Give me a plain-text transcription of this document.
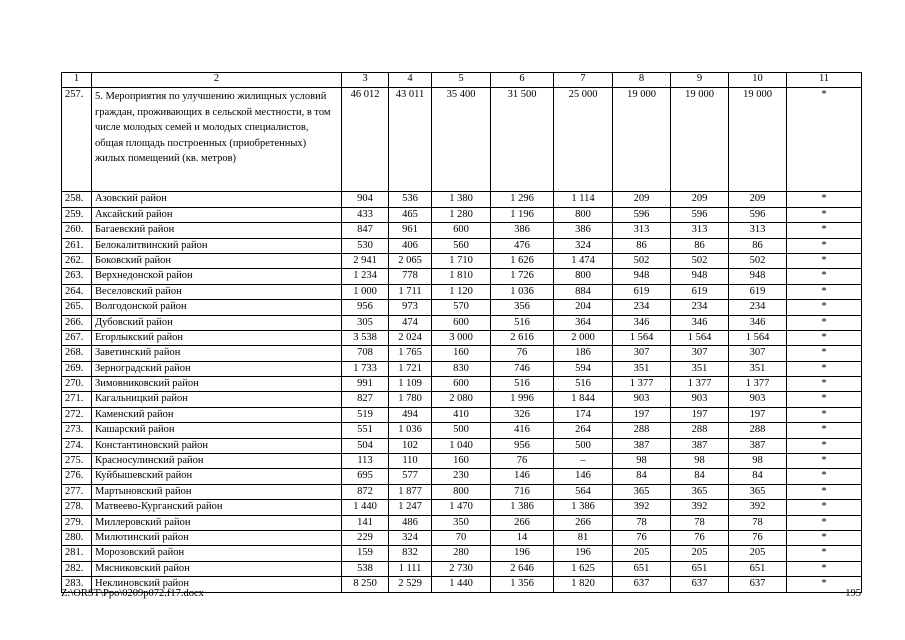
1	2	3	4	5	6	7	8	9	10	11
257.	5. Мероприятия по улучшению жилищных условий граждан, проживающих в сельской местности, в том числе молодых семей и молодых специалистов, общая площадь построенных (приобретенных) жилых помещений (кв. метров)	46 012	43 011	35 400	31 500	25 000	19 000	19 000	19 000	*
258.	Азовский район	904	536	1 380	1 296	1 114	209	209	209	*
259.	Аксайский район	433	465	1 280	1 196	800	596	596	596	*
260.	Багаевский район	847	961	600	386	386	313	313	313	*
261.	Белокалитвинский район	530	406	560	476	324	86	86	86	*
262.	Боковский район	2 941	2 065	1 710	1 626	1 474	502	502	502	*
263.	Верхнедонской район	1 234	778	1 810	1 726	800	948	948	948	*
264.	Веселовский район	1 000	1 711	1 120	1 036	884	619	619	619	*
265.	Волгодонской район	956	973	570	356	204	234	234	234	*
266.	Дубовский район	305	474	600	516	364	346	346	346	*
267.	Егорлыкский район	3 538	2 024	3 000	2 616	2 000	1 564	1 564	1 564	*
268.	Заветинский район	708	1 765	160	76	186	307	307	307	*
269.	Зерноградский район	1 733	1 721	830	746	594	351	351	351	*
270.	Зимовниковский район	991	1 109	600	516	516	1 377	1 377	1 377	*
271.	Кагальницкий район	827	1 780	2 080	1 996	1 844	903	903	903	*
272.	Каменский район	519	494	410	326	174	197	197	197	*
273.	Кашарский район	551	1 036	500	416	264	288	288	288	*
274.	Константиновский район	504	102	1 040	956	500	387	387	387	*
275.	Красносулинский район	113	110	160	76	–	98	98	98	*
276.	Куйбышевский район	695	577	230	146	146	84	84	84	*
277.	Мартыновский район	872	1 877	800	716	564	365	365	365	*
278.	Матвеево-Курганский район	1 440	1 247	1 470	1 386	1 386	392	392	392	*
279.	Миллеровский район	141	486	350	266	266	78	78	78	*
280.	Милютинский район	229	324	70	14	81	76	76	76	*
281.	Морозовский район	159	832	280	196	196	205	205	205	*
282.	Мясниковский район	538	1 111	2 730	2 646	1 625	651	651	651	*
283.	Неклиновский район	8 250	2 529	1 440	1 356	1 820	637	637	637	*
Z:\ORST\Ppo\0209p072.f17.docx	195
